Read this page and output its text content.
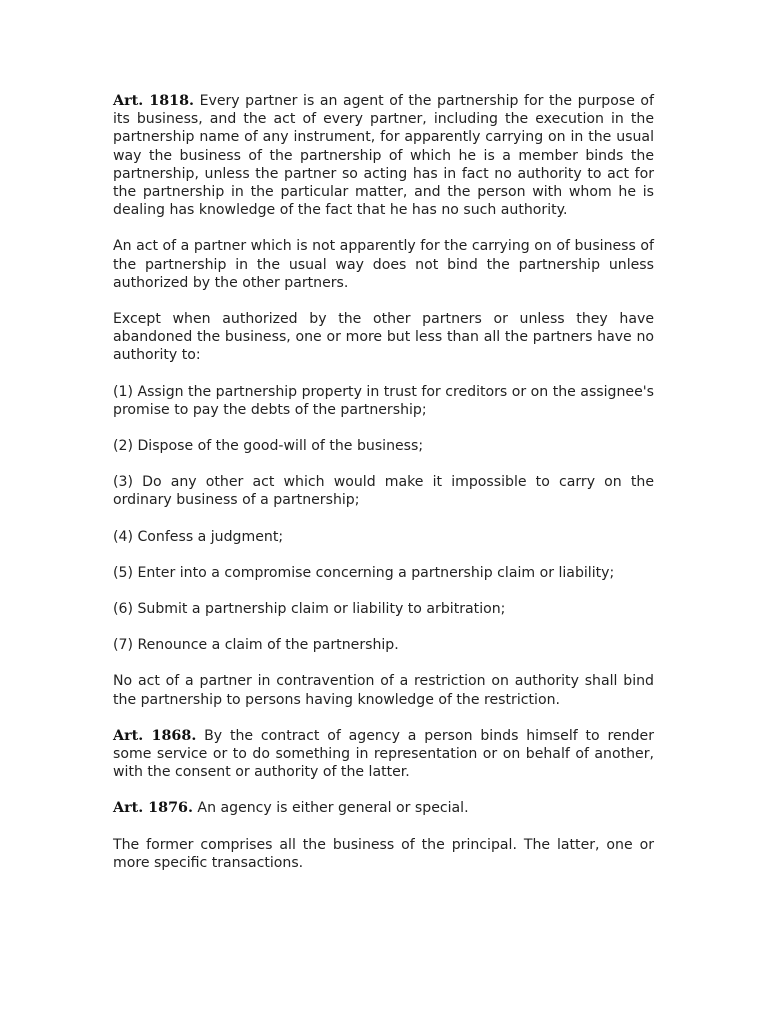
Art. 1818. Every partner is an agent of the partnership for the purpose of its business, and the act of every partner, including the execution in the partnership name of any instrument, for apparently carrying on in the usual way the business of the partnership of which he is a member binds the partnership, unless the partner so acting has in fact no authority to act for the partnership in the particular matter, and the person with whom he is dealing has knowledge of the fact that he has no such authority.

An act of a partner which is not apparently for the carrying on of business of the partnership in the usual way does not bind the partnership unless authorized by the other partners.

Except when authorized by the other partners or unless they have abandoned the business, one or more but less than all the partners have no authority to:

(1) Assign the partnership property in trust for creditors or on the assignee's promise to pay the debts of the partnership;

(2) Dispose of the good-will of the business;

(3) Do any other act which would make it impossible to carry on the ordinary business of a partnership;

(4) Confess a judgment;

(5) Enter into a compromise concerning a partnership claim or liability;

(6) Submit a partnership claim or liability to arbitration;

(7) Renounce a claim of the partnership.

No act of a partner in contravention of a restriction on authority shall bind the partnership to persons having knowledge of the restriction.

Art. 1868. By the contract of agency a person binds himself to render some service or to do something in representation or on behalf of another, with the consent or authority of the latter.

Art. 1876. An agency is either general or special.

The former comprises all the business of the principal. The latter, one or more specific transactions.
